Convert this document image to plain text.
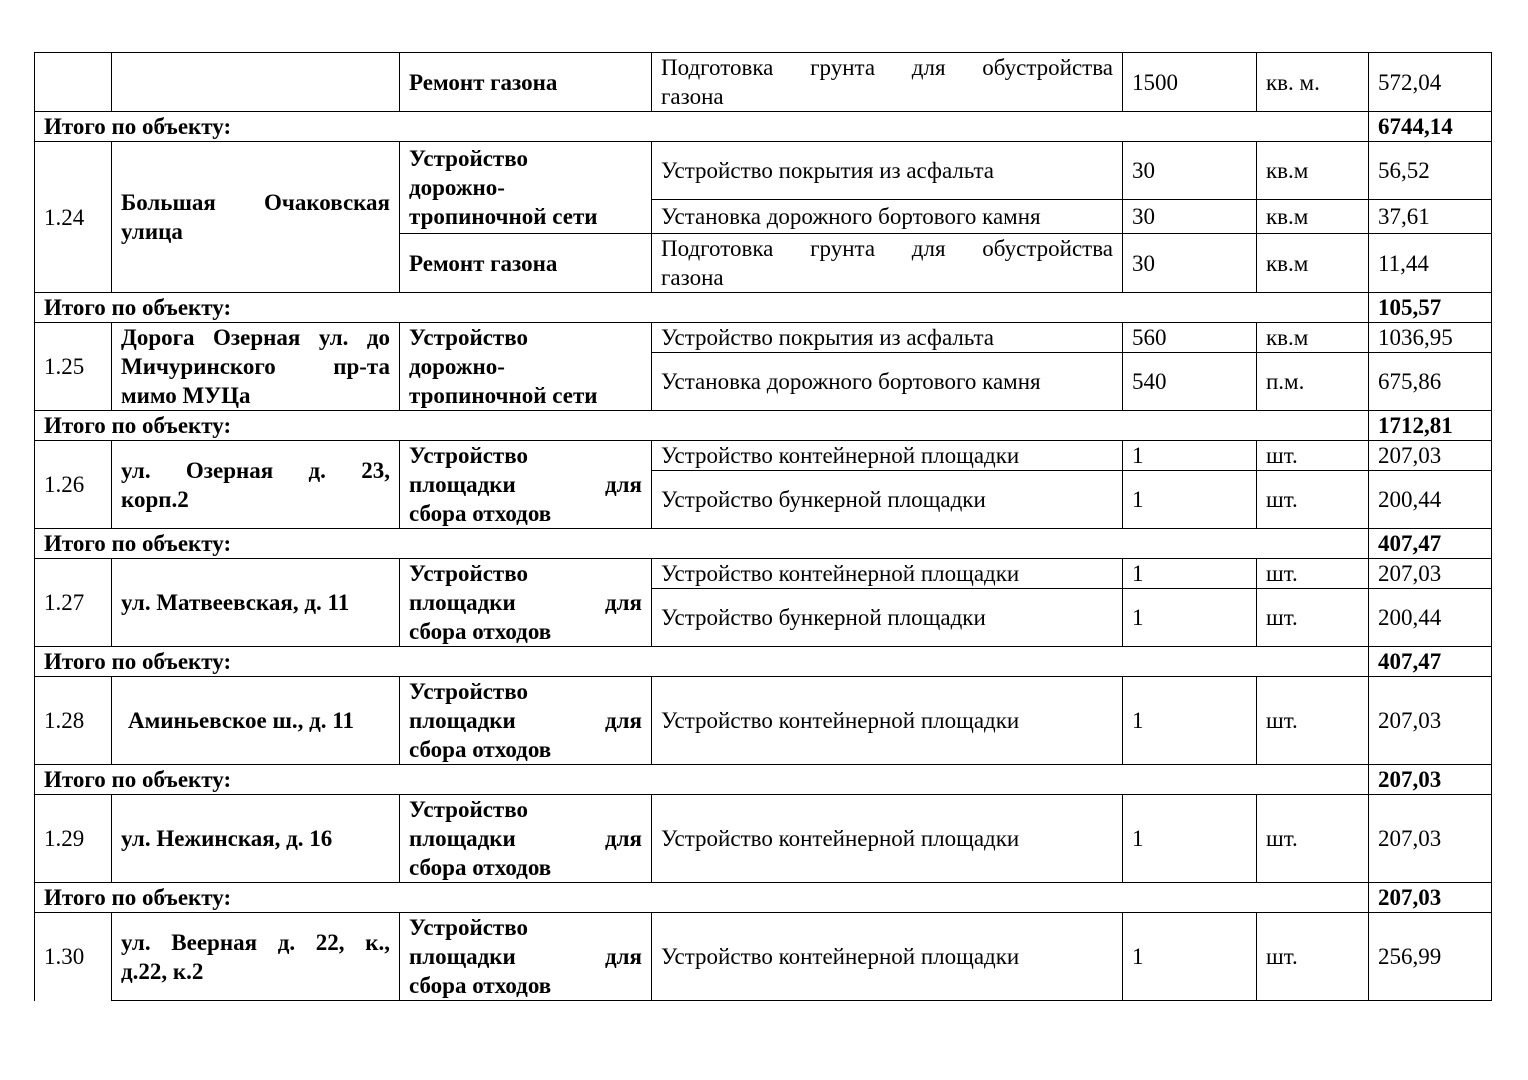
		Ремонт газона	Подготовка грунта для обустройства
газона	1500	кв. м.	572,04
Итого по объекту:						6744,14
1.24	Большая Очаковская
улица	Устройство
дорожно-
тропиночной сети	Устройство покрытия из асфальта	30	кв.м	56,52
			Установка дорожного бортового камня	30	кв.м	37,61
		Ремонт газона	Подготовка грунта для обустройства
газона	30	кв.м	11,44
Итого по объекту:						105,57
1.25	Дорога Озерная ул. до
Мичуринского пр-та
мимо МУЦа	Устройство
дорожно-
тропиночной сети	Устройство покрытия из асфальта	560	кв.м	1036,95
			Установка дорожного бортового камня	540	п.м.	675,86
Итого по объекту:						1712,81
1.26	ул. Озерная д. 23,
корп.2	Устройство
площадки для
сбора отходов	Устройство контейнерной площадки	1	шт.	207,03
			Устройство бункерной площадки	1	шт.	200,44
Итого по объекту:						407,47
1.27	ул. Матвеевская, д. 11	Устройство
площадки для
сбора отходов	Устройство контейнерной площадки	1	шт.	207,03
			Устройство бункерной площадки	1	шт.	200,44
Итого по объекту:						407,47
1.28	Аминьевское ш., д. 11	Устройство
площадки для
сбора отходов	Устройство контейнерной площадки	1	шт.	207,03
Итого по объекту:						207,03
1.29	ул. Нежинская, д. 16	Устройство
площадки для
сбора отходов	Устройство контейнерной площадки	1	шт.	207,03
Итого по объекту:						207,03
1.30	ул. Веерная д. 22, к.,
д.22, к.2	Устройство
площадки для
сбора отходов	Устройство контейнерной площадки	1	шт.	256,99
